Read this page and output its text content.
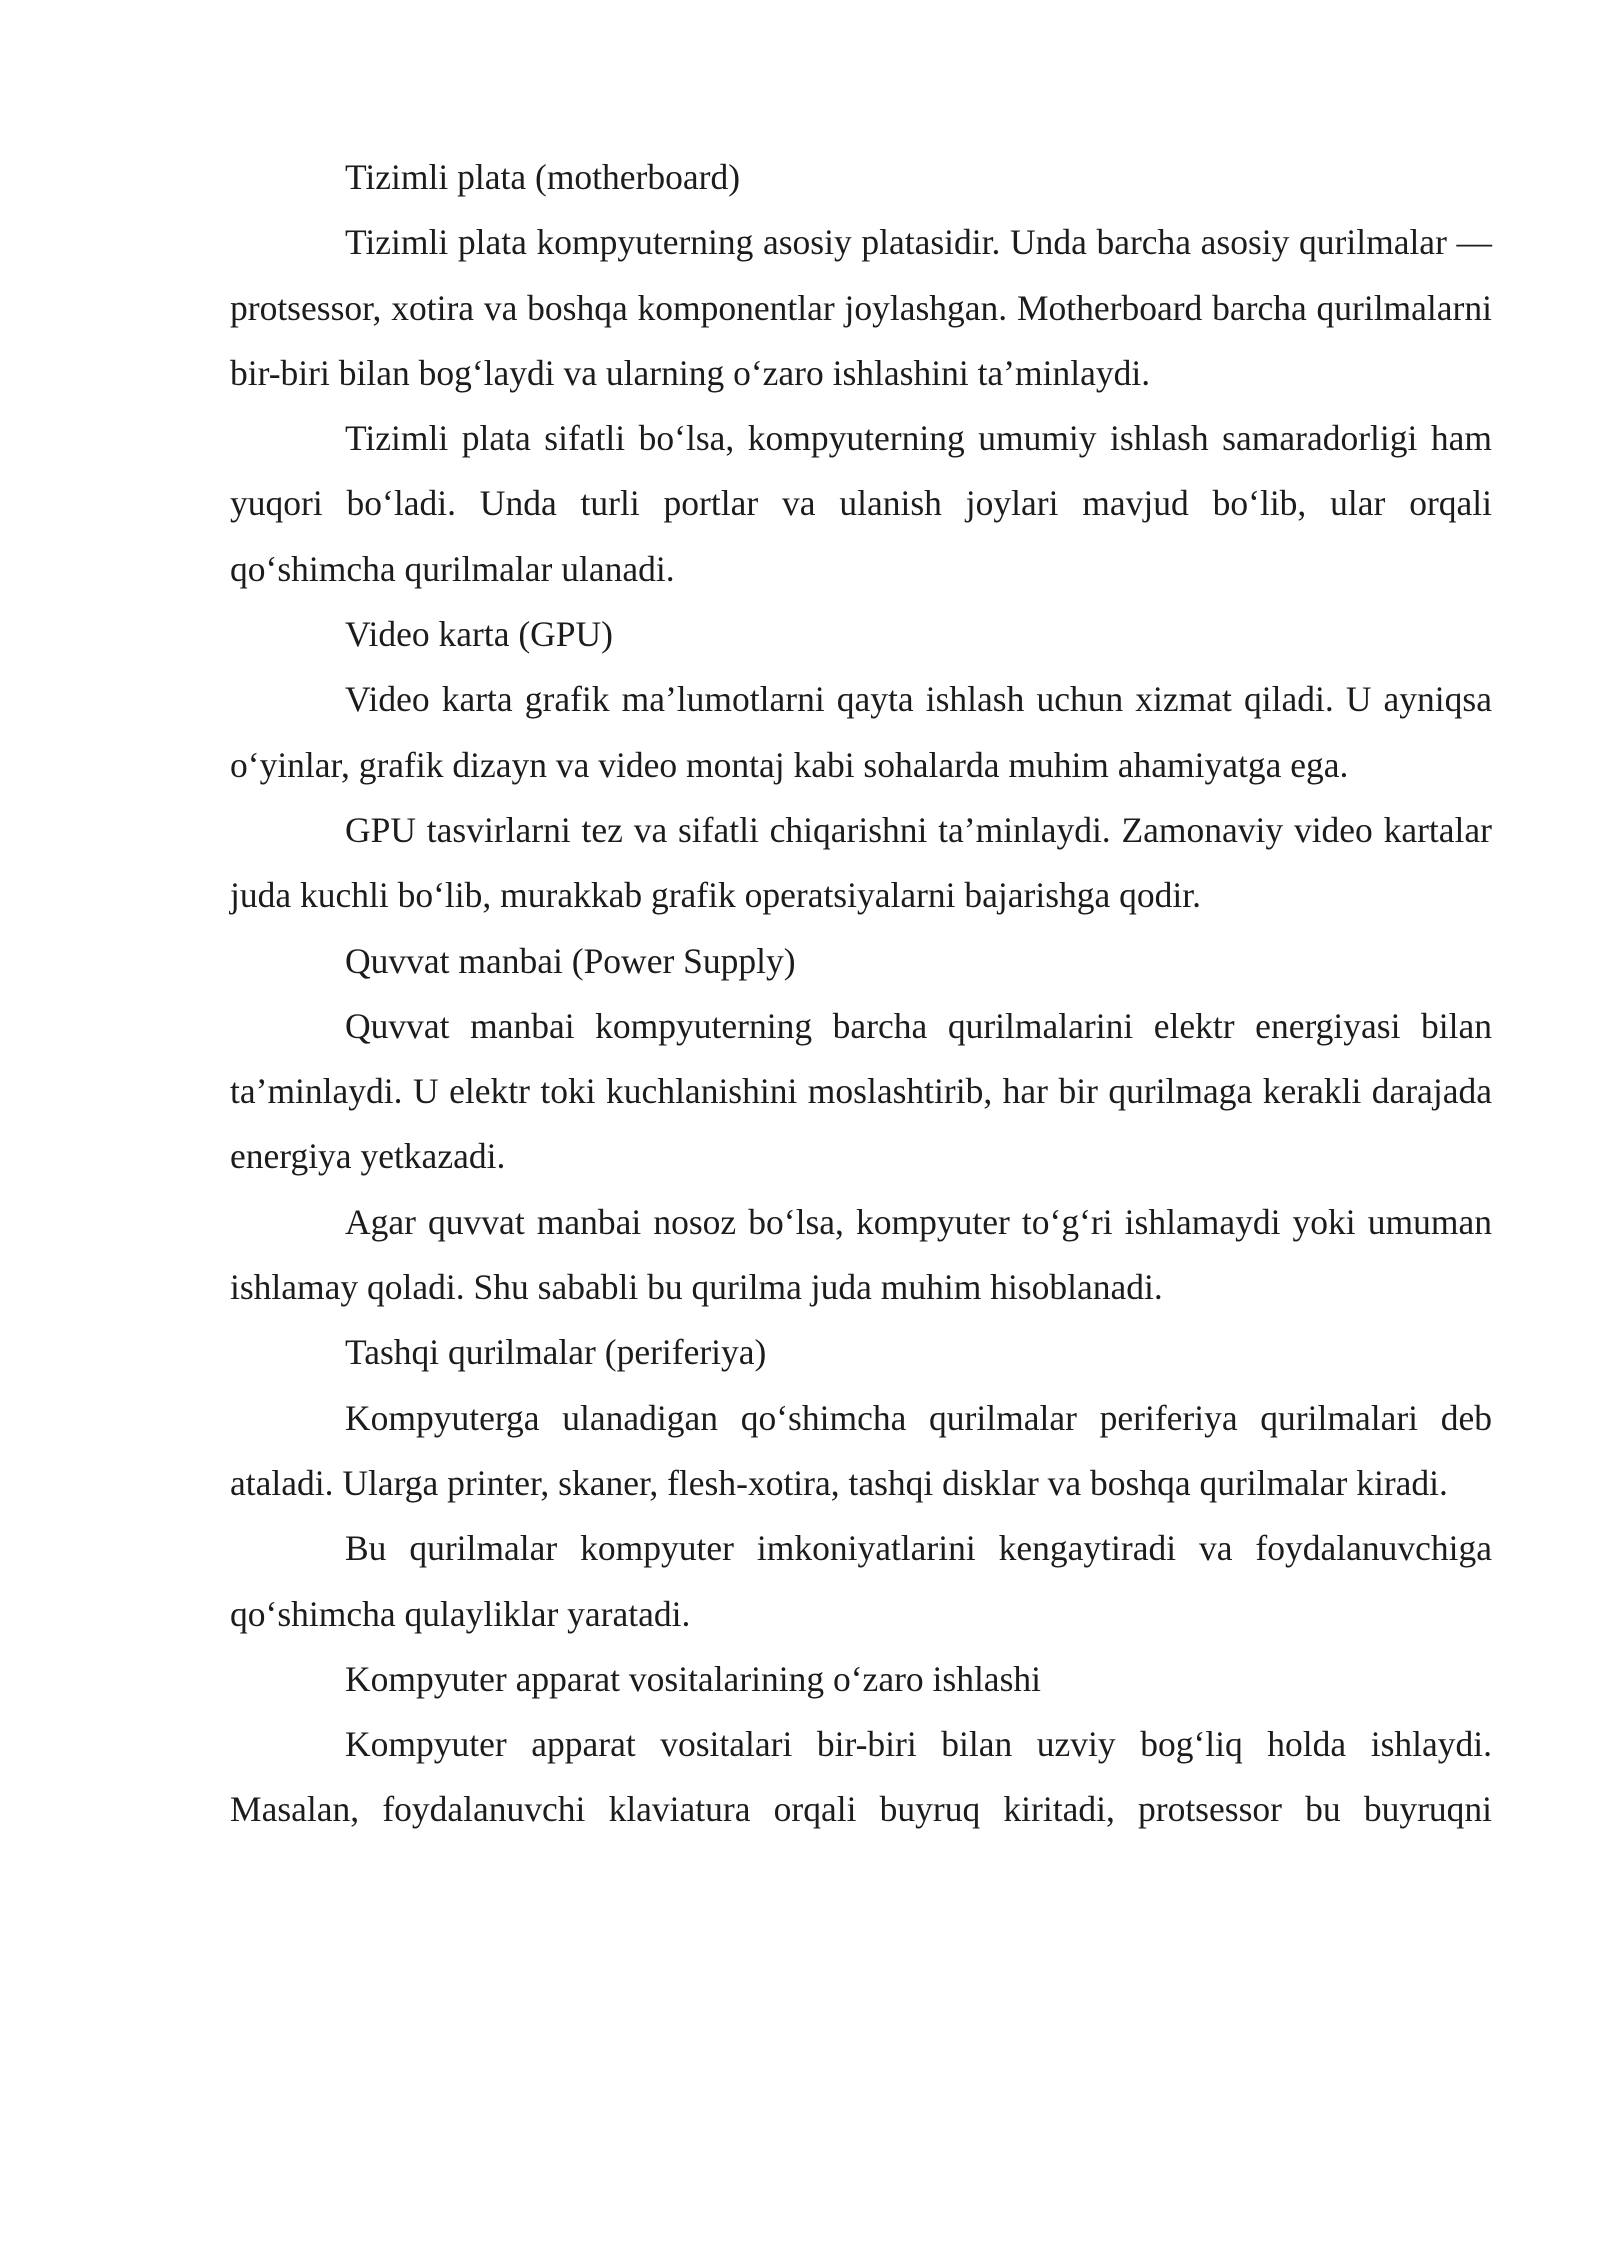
Tizimli plata (motherboard)

Tizimli plata kompyuterning asosiy platasidir. Unda barcha asosiy qurilmalar — protsessor, xotira va boshqa komponentlar joylashgan. Motherboard barcha qurilmalarni bir-biri bilan bog‘laydi va ularning o‘zaro ishlashini ta’minlaydi.

Tizimli plata sifatli bo‘lsa, kompyuterning umumiy ishlash samaradorligi ham yuqori bo‘ladi. Unda turli portlar va ulanish joylari mavjud bo‘lib, ular orqali qo‘shimcha qurilmalar ulanadi.

Video karta (GPU)

Video karta grafik ma’lumotlarni qayta ishlash uchun xizmat qiladi. U ayniqsa o‘yinlar, grafik dizayn va video montaj kabi sohalarda muhim ahamiyatga ega.

GPU tasvirlarni tez va sifatli chiqarishni ta’minlaydi. Zamonaviy video kartalar juda kuchli bo‘lib, murakkab grafik operatsiyalarni bajarishga qodir.

Quvvat manbai (Power Supply)

Quvvat manbai kompyuterning barcha qurilmalarini elektr energiyasi bilan ta’minlaydi. U elektr toki kuchlanishini moslashtirib, har bir qurilmaga kerakli darajada energiya yetkazadi.

Agar quvvat manbai nosoz bo‘lsa, kompyuter to‘g‘ri ishlamaydi yoki umuman ishlamay qoladi. Shu sababli bu qurilma juda muhim hisoblanadi.

Tashqi qurilmalar (periferiya)

Kompyuterga ulanadigan qo‘shimcha qurilmalar periferiya qurilmalari deb ataladi. Ularga printer, skaner, flesh-xotira, tashqi disklar va boshqa qurilmalar kiradi.

Bu qurilmalar kompyuter imkoniyatlarini kengaytiradi va foydalanuvchiga qo‘shimcha qulayliklar yaratadi.

Kompyuter apparat vositalarining o‘zaro ishlashi

Kompyuter apparat vositalari bir-biri bilan uzviy bog‘liq holda ishlaydi. Masalan, foydalanuvchi klaviatura orqali buyruq kiritadi, protsessor bu buyruqni
